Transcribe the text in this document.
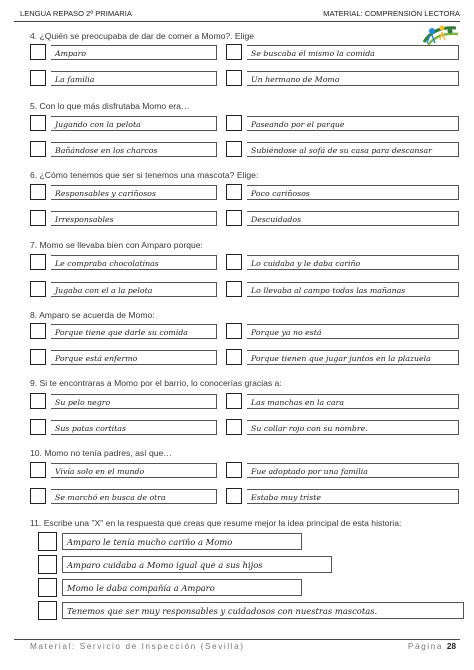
LENGUA REPASO 2º PRIMARIA	MATERIAL: COMPRENSIÓN LECTORA
4. ¿Quién se preocupaba de dar de comer a Momo?. Elige
Amparo	Se buscaba él mismo la comida
La familia	Un hermano de Momo
5. Con lo que más disfrutaba Momo era…
Jugando con la pelota	Paseando por el parque
Bañándose en los charcos	Subiéndose al sofá de su casa para descansar
6. ¿Cómo tenemos que ser si tenemos una mascota? Elige:
Responsables y cariñosos	Poco cariñosos
Irresponsables	Descuidados
7. Momo se llevaba bien con Amparo porque:
Le compraba chocolatinas	Lo cuidaba y le daba cariño
Jugaba con el a la pelota	Lo llevaba al campo todas las mañanas
8. Amparo se acuerda de Momo:
Porque tiene que darle su comida	Porque ya no está
Porque está enfermo	Porque tienen que jugar juntos en la plazuela
9. Si te encontraras a Momo por el barrio, lo conocerías gracias a:
Su pelo negro	Las manchas en la cara
Sus patas cortitas	Su collar rojo con su nombre.
10. Momo no tenía padres, así que…
Vivía solo en el mundo	Fue adoptado por una familia
Se marchó en busca de otra	Estaba muy triste
11. Escribe una "X" en la respuesta que creas que resume mejor la idea principal de esta historia:
Amparo le tenía mucho cariño a Momo
Amparo cuidaba a Momo igual que a sus hijos
Momo le daba compañía a Amparo
Tenemos que ser muy responsables y cuidadosos con nuestras mascotas.
Material: Servicio de Inspección (Sevilla)	Página 28
